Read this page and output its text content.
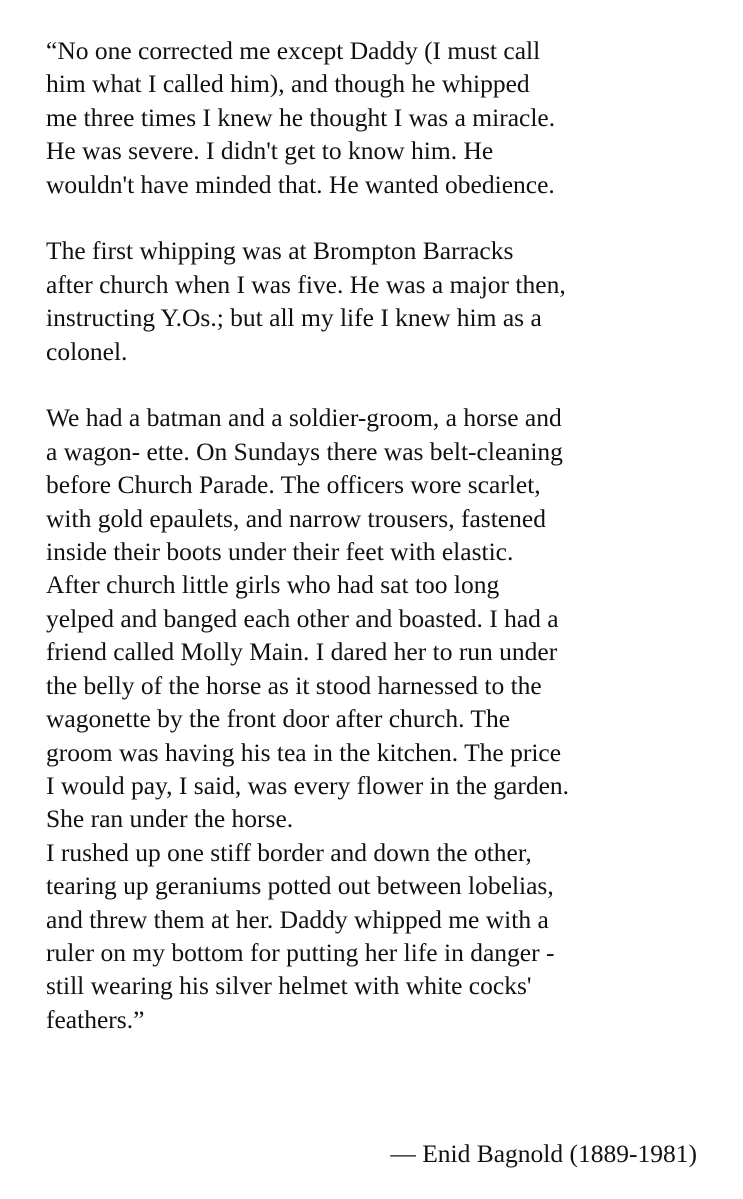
“No one corrected me except Daddy (I must call
him what I called him), and though he whipped
me three times I knew he thought I was a miracle.
He was severe. I didn't get to know him. He
wouldn't have minded that. He wanted obedience.
The first whipping was at Brompton Barracks
after church when I was five. He was a major then,
instructing Y.Os.; but all my life I knew him as a
colonel.
We had a batman and a soldier-groom, a horse and
a wagon- ette. On Sundays there was belt-cleaning
before Church Parade. The officers wore scarlet,
with gold epaulets, and narrow trousers, fastened
inside their boots under their feet with elastic.
After church little girls who had sat too long
yelped and banged each other and boasted. I had a
friend called Molly Main. I dared her to run under
the belly of the horse as it stood harnessed to the
wagonette by the front door after church. The
groom was having his tea in the kitchen. The price
I would pay, I said, was every flower in the garden.
She ran under the horse.
I rushed up one stiff border and down the other,
tearing up geraniums potted out between lobelias,
and threw them at her. Daddy whipped me with a
ruler on my bottom for putting her life in danger -
still wearing his silver helmet with white cocks'
feathers.”
— Enid Bagnold (1889-1981)
